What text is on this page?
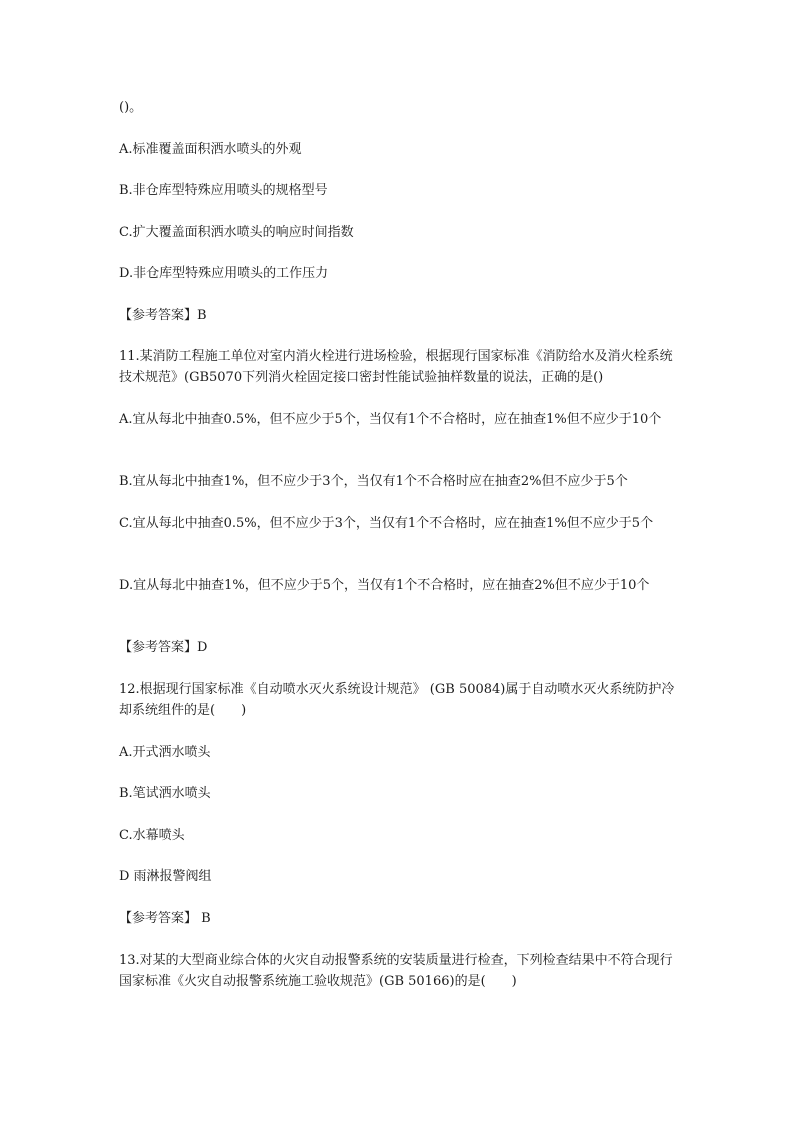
()。
A.标准覆盖面积洒水喷头的外观
B.非仓库型特殊应用喷头的规格型号
C.扩大覆盖面积洒水喷头的响应时间指数
D.非仓库型特殊应用喷头的工作压力
【参考答案】B
11.某消防工程施工单位对室内消火栓进行进场检验，根据现行国家标准《消防给水及消火栓系统技术规范》(GB5070下列消火栓固定接口密封性能试验抽样数量的说法，正确的是()
A.宜从每北中抽查0.5%，但不应少于5个，当仅有1个不合格时，应在抽查1%但不应少于10个
B.宜从每北中抽查1%，但不应少于3个，当仅有1个不合格时应在抽查2%但不应少于5个
C.宜从每北中抽查0.5%，但不应少于3个，当仅有1个不合格时，应在抽查1%但不应少于5个
D.宜从每北中抽查1%，但不应少于5个，当仅有1个不合格时，应在抽查2%但不应少于10个
【参考答案】D
12.根据现行国家标准《自动喷水灭火系统设计规范》 (GB 50084)属于自动喷水灭火系统防护冷却系统组件的是(　　)
A.开式洒水喷头
B.笔试洒水喷头
C.水幕喷头
D 雨淋报警阀组
【参考答案】 B
13.对某的大型商业综合体的火灾自动报警系统的安装质量进行检查，下列检查结果中不符合现行国家标准《火灾自动报警系统施工验收规范》(GB 50166)的是(　　)
